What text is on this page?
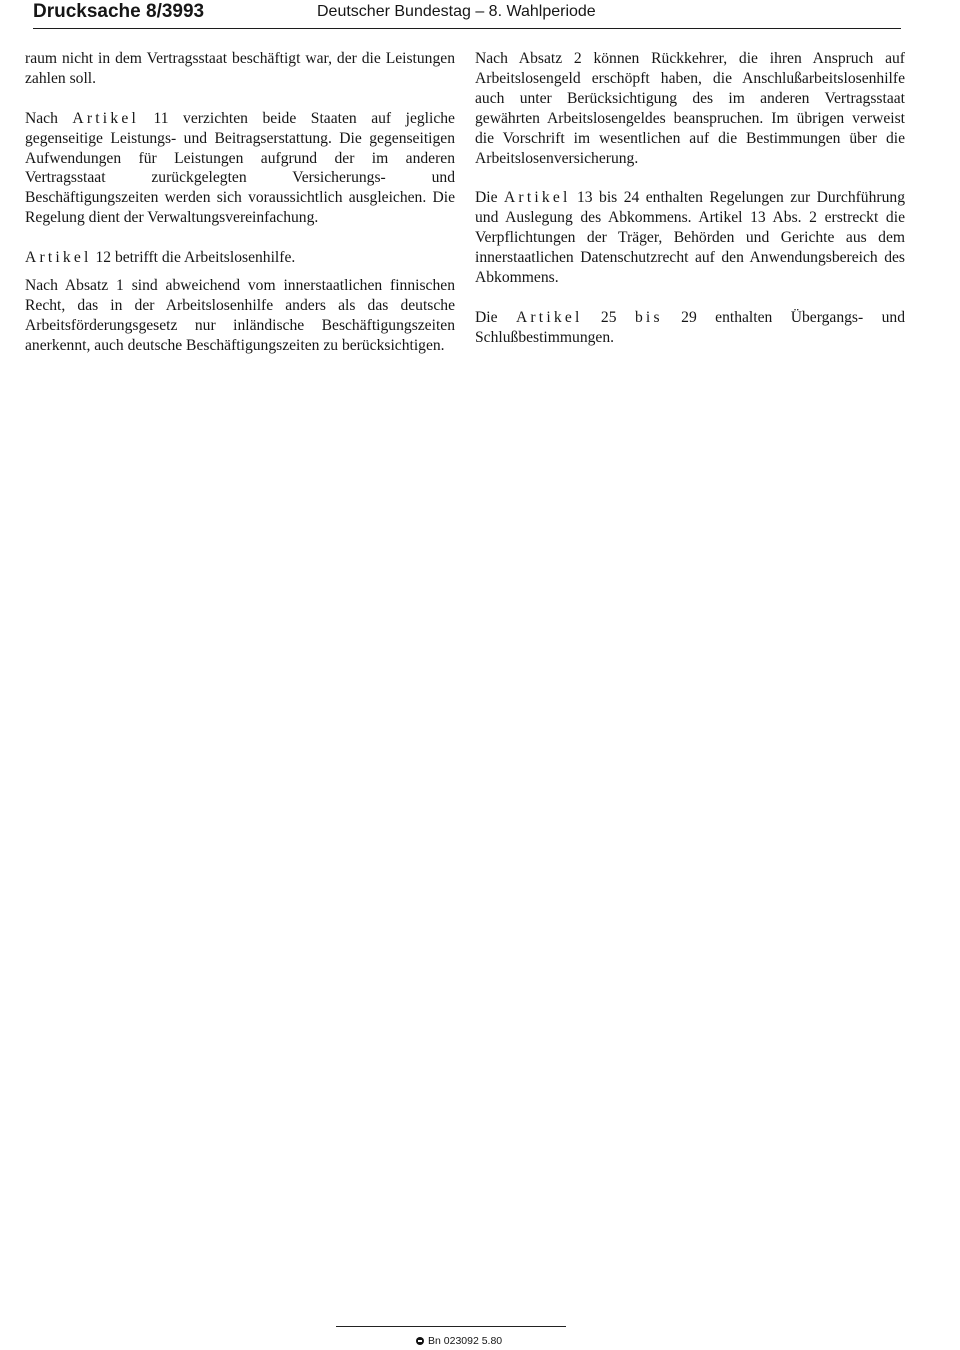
Drucksache 8/3993	Deutscher Bundestag – 8. Wahlperiode

raum nicht in dem Vertragsstaat beschäftigt war, der die Leistungen zahlen soll.

Nach Artikel 11 verzichten beide Staaten auf jegliche gegenseitige Leistungs- und Beitragserstattung. Die gegenseitigen Aufwendungen für Leistungen aufgrund der im anderen Vertragsstaat zurückgelegten Versicherungs- und Beschäftigungszeiten werden sich voraussichtlich ausgleichen. Die Regelung dient der Verwaltungsvereinfachung.

Artikel 12 betrifft die Arbeitslosenhilfe.

Nach Absatz 1 sind abweichend vom innerstaatlichen finnischen Recht, das in der Arbeitslosenhilfe anders als das deutsche Arbeitsförderungsgesetz nur inländische Beschäftigungszeiten anerkennt, auch deutsche Beschäftigungszeiten zu berücksichtigen.

Nach Absatz 2 können Rückkehrer, die ihren Anspruch auf Arbeitslosengeld erschöpft haben, die Anschlußarbeitslosenhilfe auch unter Berücksichtigung des im anderen Vertragsstaat gewährten Arbeitslosengeldes beanspruchen. Im übrigen verweist die Vorschrift im wesentlichen auf die Bestimmungen über die Arbeitslosenversicherung.

Die Artikel 13 bis 24 enthalten Regelungen zur Durchführung und Auslegung des Abkommens. Artikel 13 Abs. 2 erstreckt die Verpflichtungen der Träger, Behörden und Gerichte aus dem innerstaatlichen Datenschutzrecht auf den Anwendungsbereich des Abkommens.

Die Artikel 25 bis 29 enthalten Übergangs- und Schlußbestimmungen.

Bn 023092 5.80
